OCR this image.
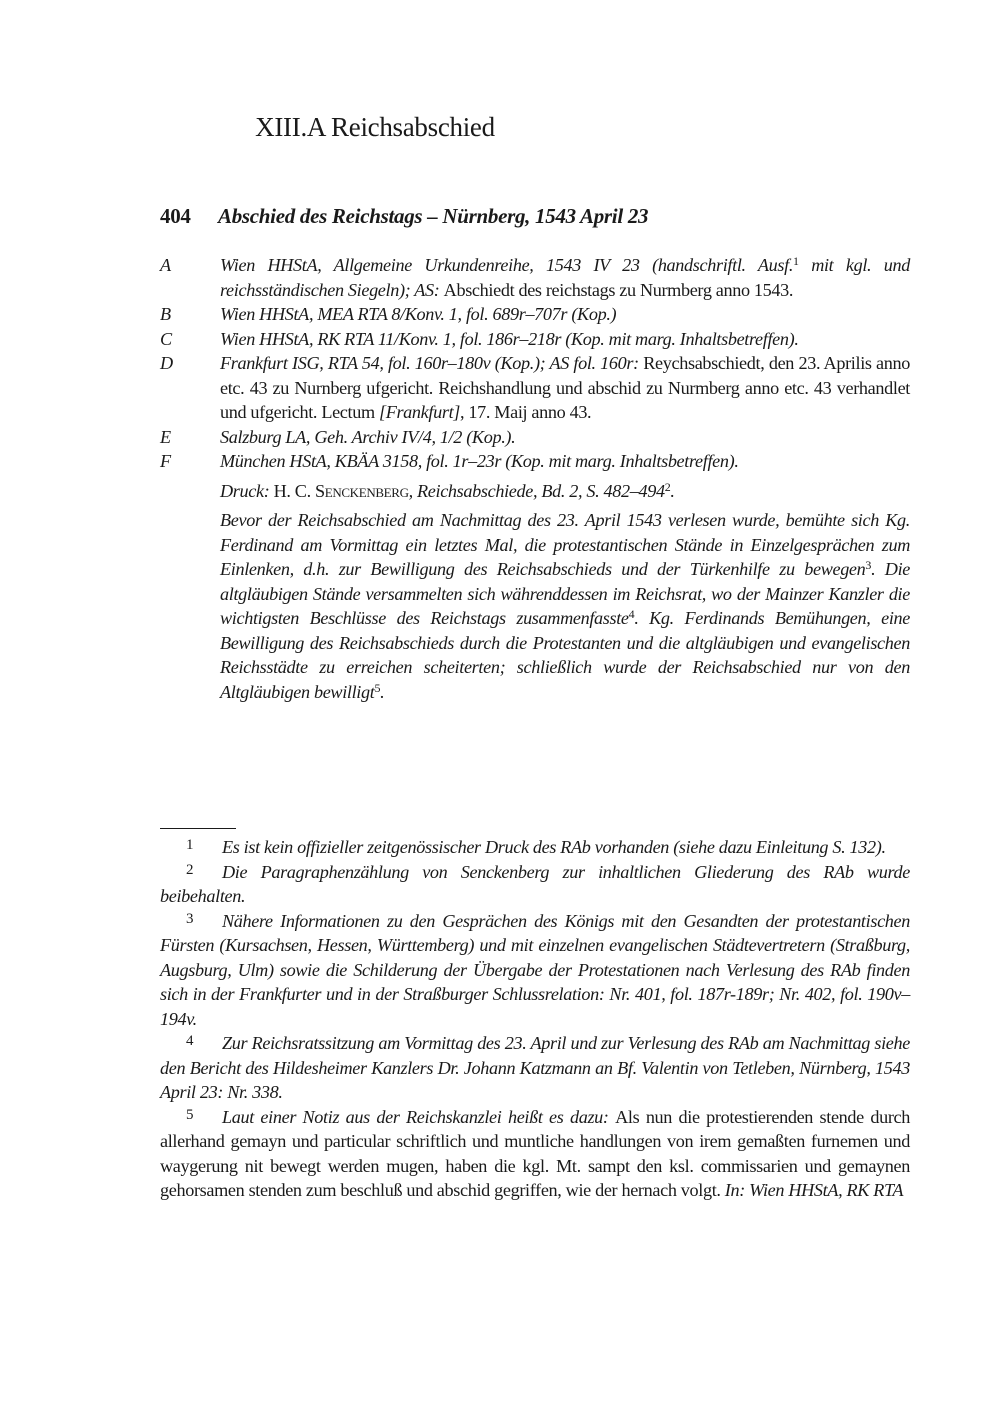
XIII.A Reichsabschied
404 Abschied des Reichstags – Nürnberg, 1543 April 23
A	Wien HHStA, Allgemeine Urkundenreihe, 1543 IV 23 (handschriftl. Ausf.$^1$ mit kgl. und reichsständischen Siegeln); AS: Abschiedt des reichstags zu Nurmberg anno 1543.
B	Wien HHStA, MEA RTA 8/Konv. 1, fol. 689r–707r (Kop.)
C	Wien HHStA, RK RTA 11/Konv. 1, fol. 186r–218r (Kop. mit marg. Inhaltsbetreffen).
D	Frankfurt ISG, RTA 54, fol. 160r–180v (Kop.); AS fol. 160r: Reychsabschiedt, den 23. Aprilis anno etc. 43 zu Nurnberg ufgericht. Reichshandlung und abschid zu Nurmberg anno etc. 43 verhandlet und ufgericht. Lectum [Frankfurt], 17. Maij anno 43.
E	Salzburg LA, Geh. Archiv IV/4, 1/2 (Kop.).
F	München HStA, KBÄA 3158, fol. 1r–23r (Kop. mit marg. Inhaltsbetreffen).
Druck: H. C. Senckenberg, Reichsabschiede, Bd. 2, S. $482-494^2$.
Bevor der Reichsabschied am Nachmittag des 23. April 1543 verlesen wurde, bemühte sich Kg. Ferdinand am Vormittag ein letztes Mal, die protestantischen Stände in Einzelgesprächen zum Einlenken, d.h. zur Bewilligung des Reichsabschieds und der Türkenhilfe zu bewegen$^3$. Die altgläubigen Stände versammelten sich währenddessen im Reichsrat, wo der Mainzer Kanzler die wichtigsten Beschlüsse des Reichstags zusammenfasste$^4$. Kg. Ferdinands Bemühungen, eine Bewilligung des Reichsabschieds durch die Protestanten und die altgläubigen und evangelischen Reichsstädte zu erreichen scheiterten; schließlich wurde der Reichsabschied nur von den Altgläubigen bewilligt$^5$.
1 Es ist kein offizieller zeitgenössischer Druck des RAb vorhanden (siehe dazu Einleitung S. 132).
2 Die Paragraphenzählung von Senckenberg zur inhaltlichen Gliederung des RAb wurde beibehalten.
3 Nähere Informationen zu den Gesprächen des Königs mit den Gesandten der protestantischen Fürsten (Kursachsen, Hessen, Württemberg) und mit einzelnen evangelischen Städtevertretern (Straßburg, Augsburg, Ulm) sowie die Schilderung der Übergabe der Protestationen nach Verlesung des RAb finden sich in der Frankfurter und in der Straßburger Schlussrelation: Nr. 401, fol. 187r-189r; Nr. 402, fol. 190v–194v.
4 Zur Reichsratssitzung am Vormittag des 23. April und zur Verlesung des RAb am Nachmittag siehe den Bericht des Hildesheimer Kanzlers Dr. Johann Katzmann an Bf. Valentin von Tetleben, Nürnberg, 1543 April 23: Nr. 338.
5 Laut einer Notiz aus der Reichskanzlei heißt es dazu: Als nun die protestierenden stende durch allerhand gemayn und particular schriftlich und muntliche handlungen von irem gemaßten furnemen und waygerung nit bewegt werden mugen, haben die kgl. Mt. sampt den ksl. commissarien und gemaynen gehorsamen stenden zum beschluß und abschid gegriffen, wie der hernach volgt. In: Wien HHStA, RK RTA
